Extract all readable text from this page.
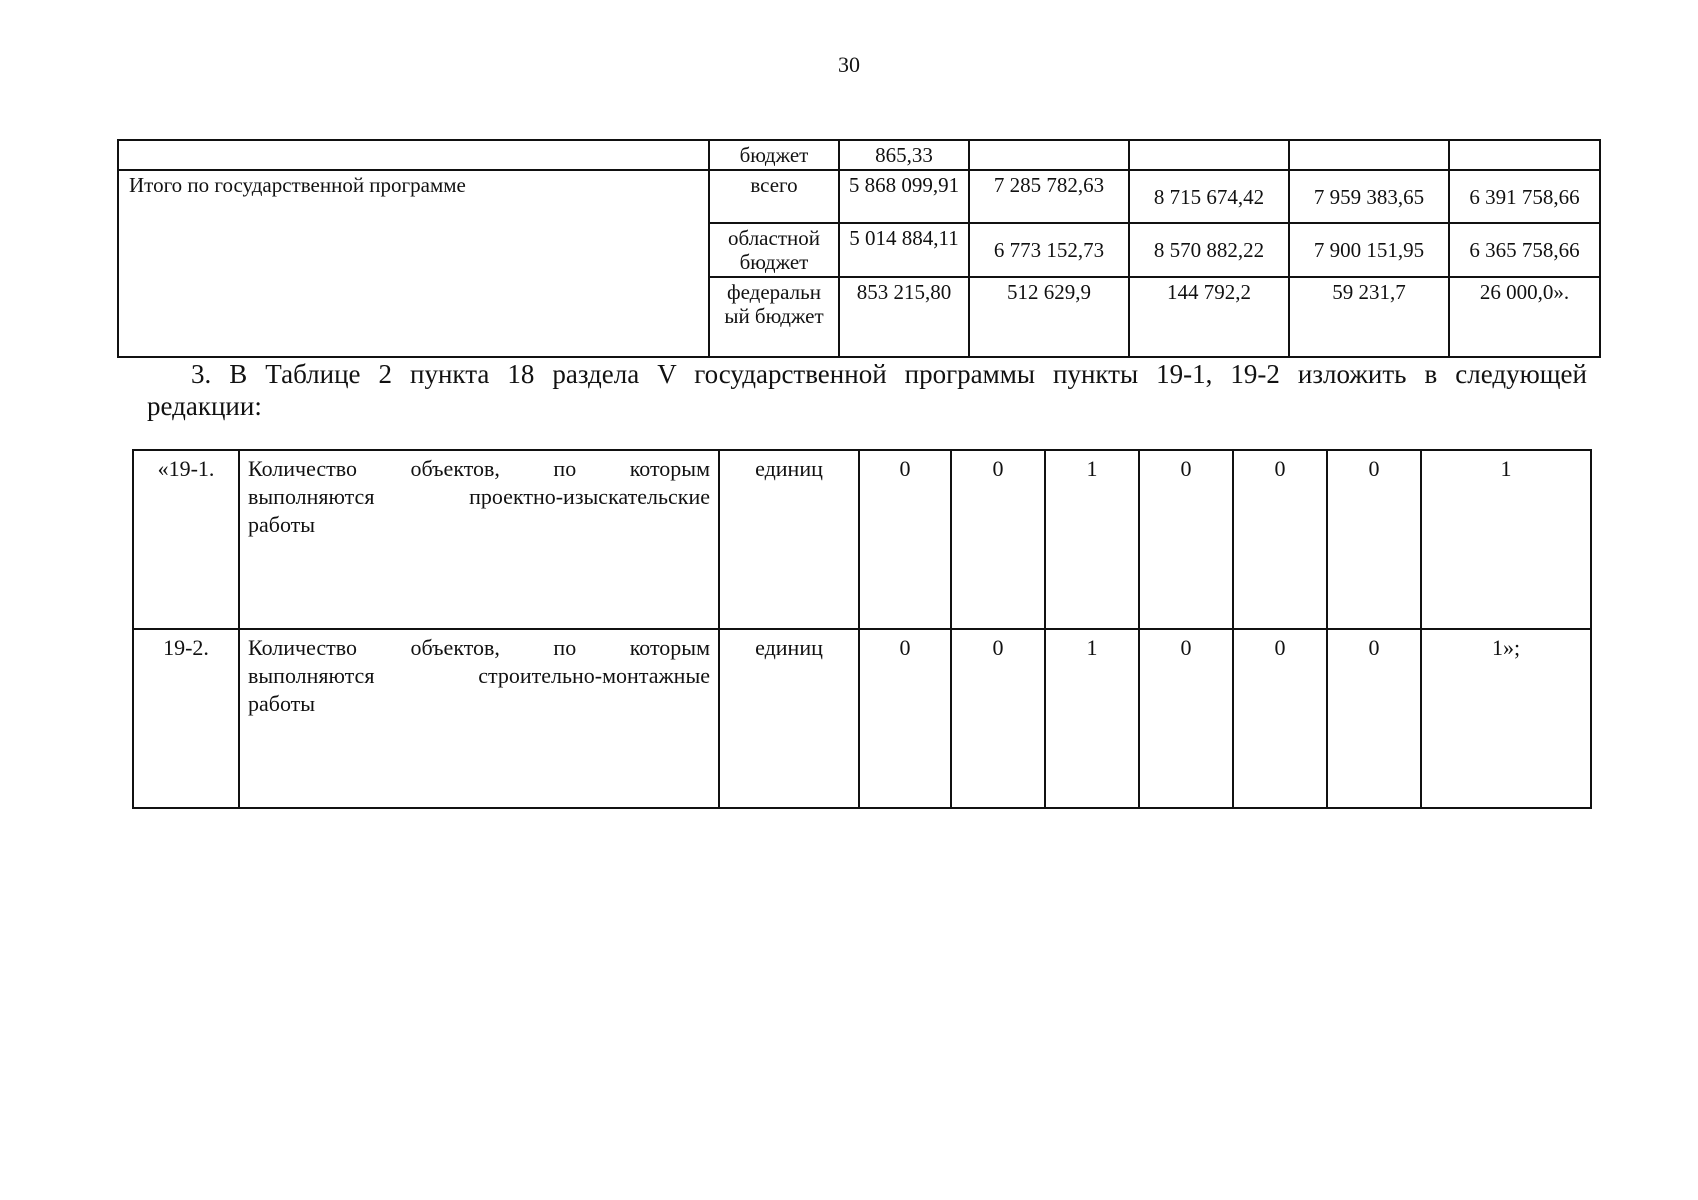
30
	бюджет	865,33				
Итого по государственной программе	всего	5 868 099,91	7 285 782,63	8 715 674,42	7 959 383,65	6 391 758,66
	областной бюджет	5 014 884,11	6 773 152,73	8 570 882,22	7 900 151,95	6 365 758,66
	федеральн ый бюджет	853 215,80	512 629,9	144 792,2	59 231,7	26 000,0».
3. В Таблице 2 пункта 18 раздела V государственной программы пункты 19-1, 19-2 изложить в следующей
редакции:
«19-1.	Количество объектов, по которым
выполняются проектно-изыскательские
работы	единиц	0	0	1	0	0	0	1
19-2.	Количество объектов, по которым
выполняются строительно-монтажные
работы	единиц	0	0	1	0	0	0	1»;
